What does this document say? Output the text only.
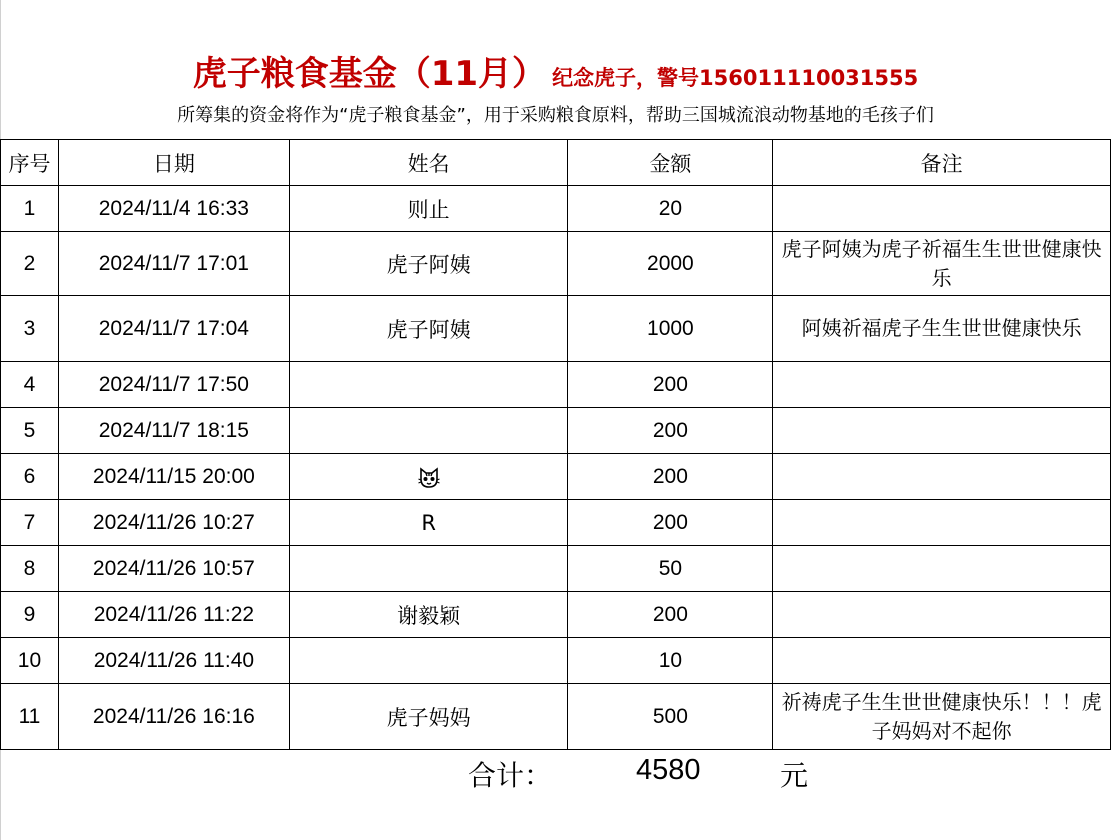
虎子粮食基金（11月） 纪念虎子，警号156011110031555
所筹集的资金将作为“虎子粮食基金”，用于采购粮食原料，帮助三国城流浪动物基地的毛孩子们
序号	日期	姓名	金额	备注
1	2024/11/4 16:33	则止	20	
2	2024/11/7 17:01	虎子阿姨	2000	虎子阿姨为虎子祈福生生世世健康快乐
3	2024/11/7 17:04	虎子阿姨	1000	阿姨祈福虎子生生世世健康快乐
4	2024/11/7 17:50		200	
5	2024/11/7 18:15		200	
6	2024/11/15 20:00		200	
7	2024/11/26 10:27	R	200	
8	2024/11/26 10:57		50	
9	2024/11/26 11:22	谢毅颖	200	
10	2024/11/26 11:40		10	
11	2024/11/26 16:16	虎子妈妈	500	祈祷虎子生生世世健康快乐！！！虎子妈妈对不起你
合计：	4580	元
